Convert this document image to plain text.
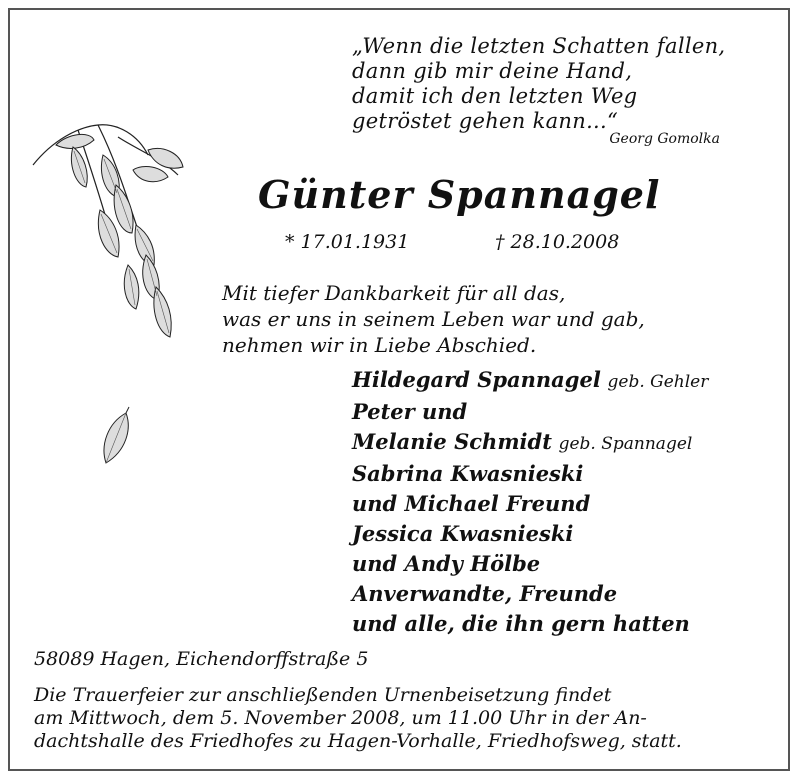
„Wenn die letzten Schatten fallen,
dann gib mir deine Hand,
damit ich den letzten Weg
getröstet gehen kann...“
Georg Gomolka
Günter Spannagel
* 17.01.1931	† 28.10.2008
Mit tiefer Dankbarkeit für all das,
was er uns in seinem Leben war und gab,
nehmen wir in Liebe Abschied.
Hildegard Spannagel geb. Gehler
Peter und
Melanie Schmidt geb. Spannagel
Sabrina Kwasnieski
und Michael Freund
Jessica Kwasnieski
und Andy Hölbe
Anverwandte, Freunde
und alle, die ihn gern hatten
58089 Hagen, Eichendorffstraße 5
Die Trauerfeier zur anschließenden Urnenbeisetzung findet
am Mittwoch, dem 5. November 2008, um 11.00 Uhr in der An-
dachtshalle des Friedhofes zu Hagen-Vorhalle, Friedhofsweg, statt.
